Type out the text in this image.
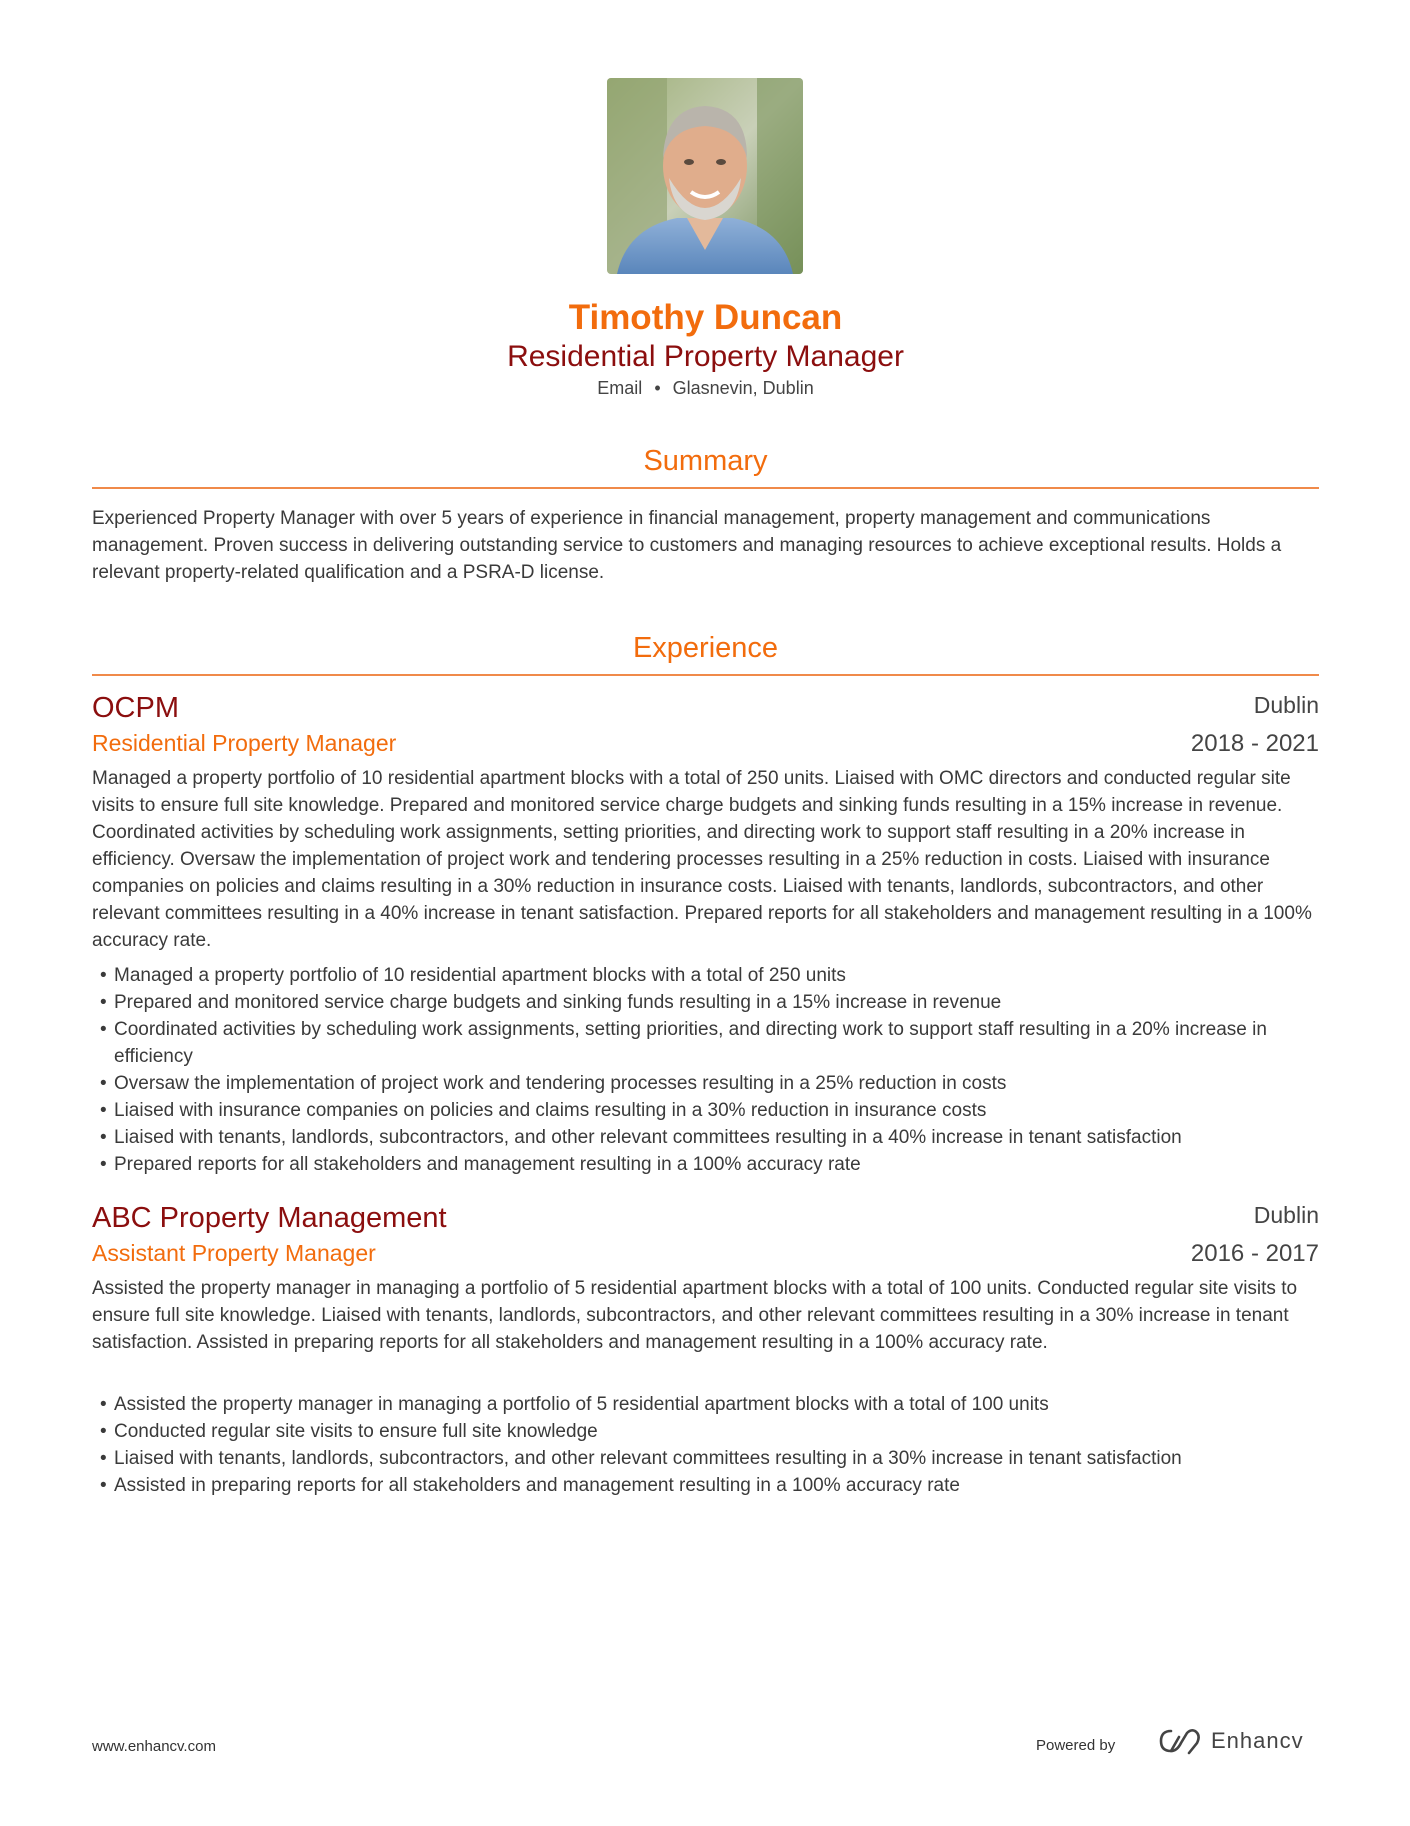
Timothy Duncan
Residential Property Manager
Email • Glasnevin, Dublin
Summary
Experienced Property Manager with over 5 years of experience in financial management, property management and communications management. Proven success in delivering outstanding service to customers and managing resources to achieve exceptional results. Holds a relevant property-related qualification and a PSRA-D license.
Experience
OCPM	Dublin
Residential Property Manager	2018 - 2021
Managed a property portfolio of 10 residential apartment blocks with a total of 250 units. Liaised with OMC directors and conducted regular site visits to ensure full site knowledge. Prepared and monitored service charge budgets and sinking funds resulting in a 15% increase in revenue. Coordinated activities by scheduling work assignments, setting priorities, and directing work to support staff resulting in a 20% increase in efficiency. Oversaw the implementation of project work and tendering processes resulting in a 25% reduction in costs. Liaised with insurance companies on policies and claims resulting in a 30% reduction in insurance costs. Liaised with tenants, landlords, subcontractors, and other relevant committees resulting in a 40% increase in tenant satisfaction. Prepared reports for all stakeholders and management resulting in a 100% accuracy rate.
• Managed a property portfolio of 10 residential apartment blocks with a total of 250 units
• Prepared and monitored service charge budgets and sinking funds resulting in a 15% increase in revenue
• Coordinated activities by scheduling work assignments, setting priorities, and directing work to support staff resulting in a 20% increase in efficiency
• Oversaw the implementation of project work and tendering processes resulting in a 25% reduction in costs
• Liaised with insurance companies on policies and claims resulting in a 30% reduction in insurance costs
• Liaised with tenants, landlords, subcontractors, and other relevant committees resulting in a 40% increase in tenant satisfaction
• Prepared reports for all stakeholders and management resulting in a 100% accuracy rate
ABC Property Management	Dublin
Assistant Property Manager	2016 - 2017
Assisted the property manager in managing a portfolio of 5 residential apartment blocks with a total of 100 units. Conducted regular site visits to ensure full site knowledge. Liaised with tenants, landlords, subcontractors, and other relevant committees resulting in a 30% increase in tenant satisfaction. Assisted in preparing reports for all stakeholders and management resulting in a 100% accuracy rate.
• Assisted the property manager in managing a portfolio of 5 residential apartment blocks with a total of 100 units
• Conducted regular site visits to ensure full site knowledge
• Liaised with tenants, landlords, subcontractors, and other relevant committees resulting in a 30% increase in tenant satisfaction
• Assisted in preparing reports for all stakeholders and management resulting in a 100% accuracy rate
www.enhancv.com	Powered by	Enhancv
